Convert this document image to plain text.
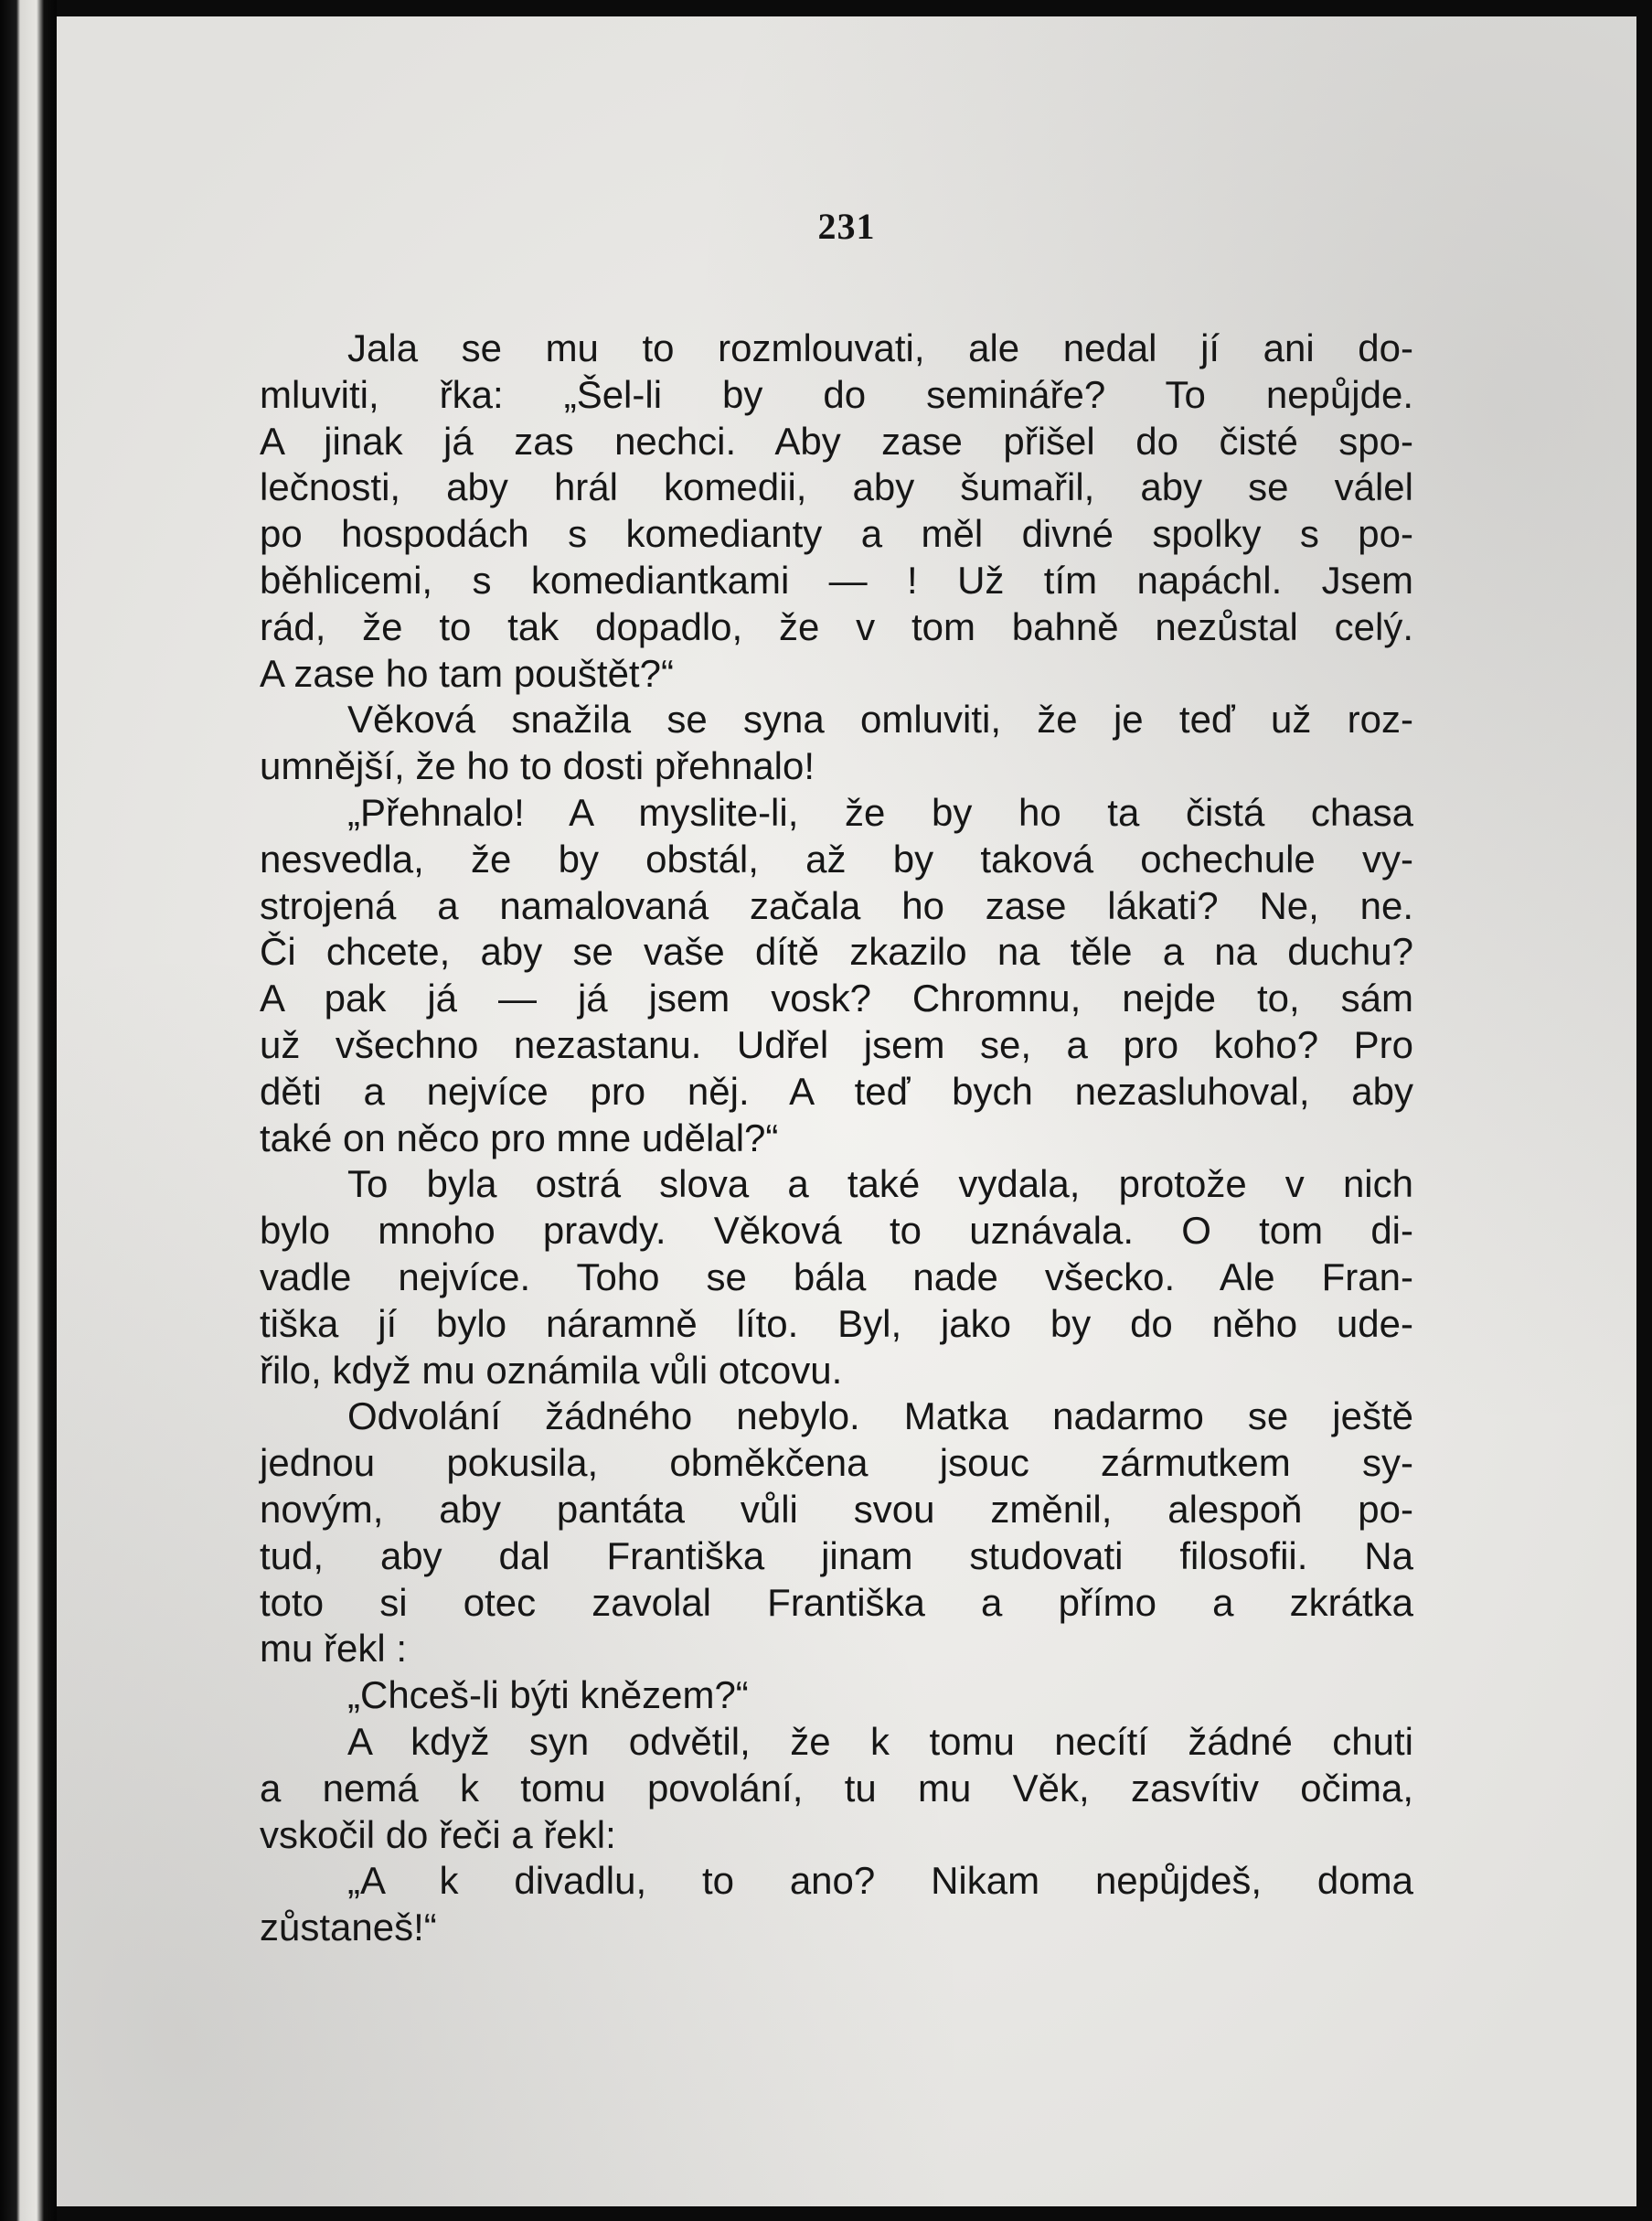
231
Jala se mu to rozmlouvati, ale nedal jí ani do-
mluviti, řka: „Šel-li by do semináře? To nepůjde.
A jinak já zas nechci. Aby zase přišel do čisté spo-
lečnosti, aby hrál komedii, aby šumařil, aby se válel
po hospodách s komedianty a měl divné spolky s po-
běhlicemi, s komediantkami — ! Už tím napáchl. Jsem
rád, že to tak dopadlo, že v tom bahně nezůstal celý.
A zase ho tam pouštět?“
Věková snažila se syna omluviti, že je teď už roz-
umnější, že ho to dosti přehnalo!
„Přehnalo! A myslite-li, že by ho ta čistá chasa
nesvedla, že by obstál, až by taková ochechule vy-
strojená a namalovaná začala ho zase lákati? Ne, ne.
Či chcete, aby se vaše dítě zkazilo na těle a na duchu?
A pak já — já jsem vosk? Chromnu, nejde to, sám
už všechno nezastanu. Udřel jsem se, a pro koho? Pro
děti a nejvíce pro něj. A teď bych nezasluhoval, aby
také on něco pro mne udělal?“
To byla ostrá slova a také vydala, protože v nich
bylo mnoho pravdy. Věková to uznávala. O tom di-
vadle nejvíce. Toho se bála nade všecko. Ale Fran-
tiška jí bylo náramně líto. Byl, jako by do něho ude-
řilo, když mu oznámila vůli otcovu.
Odvolání žádného nebylo. Matka nadarmo se ještě
jednou pokusila, obměkčena jsouc zármutkem sy-
novým, aby pantáta vůli svou změnil, alespoň po-
tud, aby dal Františka jinam studovati filosofii. Na
toto si otec zavolal Františka a přímo a zkrátka
mu řekl :
„Chceš-li býti knězem?“
A když syn odvětil, že k tomu necítí žádné chuti
a nemá k tomu povolání, tu mu Věk, zasvítiv očima,
vskočil do řeči a řekl:
„A k divadlu, to ano? Nikam nepůjdeš, doma
zůstaneš!“
